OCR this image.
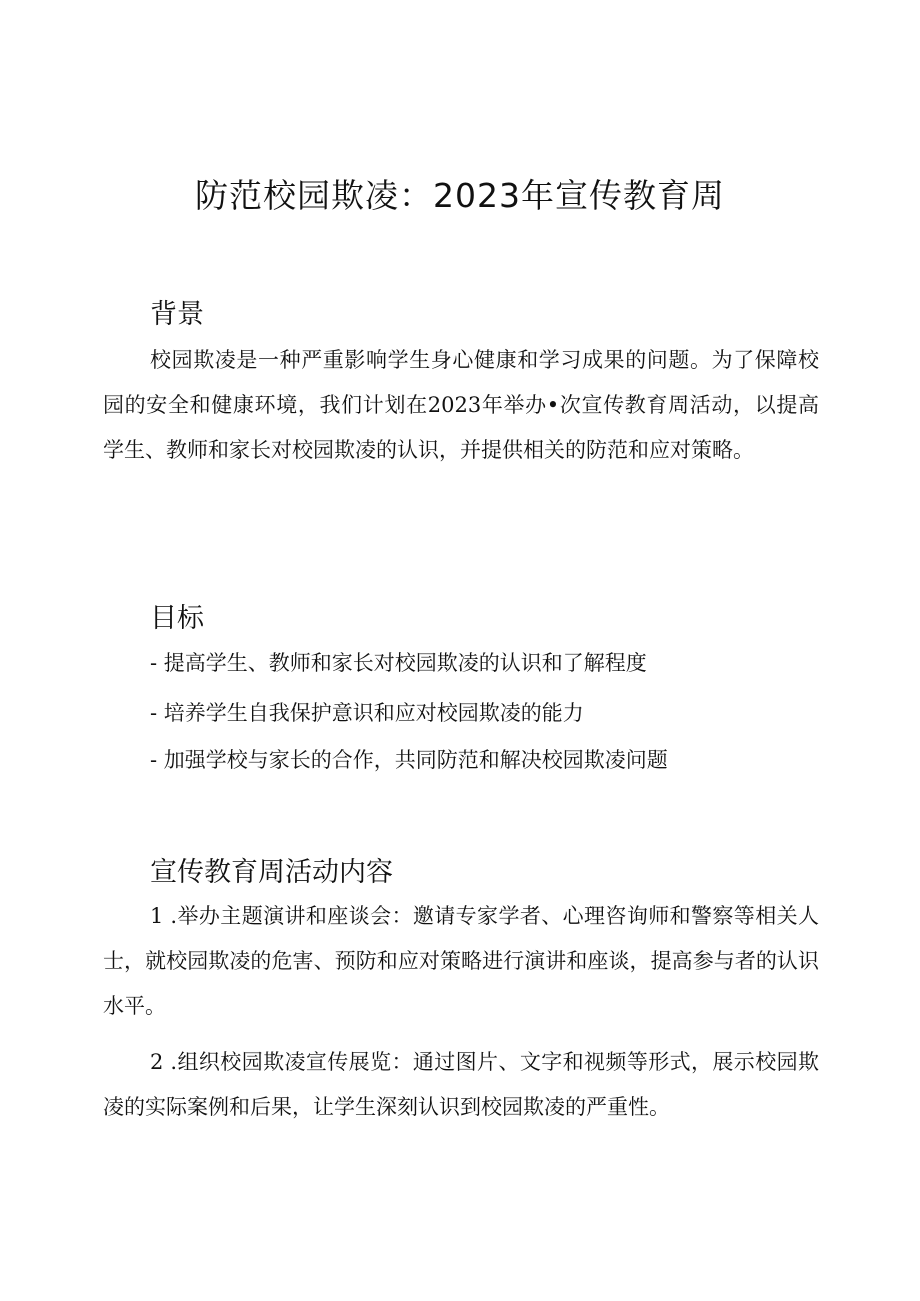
防范校园欺凌：2023年宣传教育周
背景

校园欺凌是一种严重影响学生身心健康和学习成果的问题。为了保障校园的安全和健康环境，我们计划在2023年举办•次宣传教育周活动，以提高学生、教师和家长对校园欺凌的认识，并提供相关的防范和应对策略。

目标

- 提高学生、教师和家长对校园欺凌的认识和了解程度

- 培养学生自我保护意识和应对校园欺凌的能力

- 加强学校与家长的合作，共同防范和解决校园欺凌问题

宣传教育周活动内容

1 .举办主题演讲和座谈会：邀请专家学者、心理咨询师和警察等相关人士，就校园欺凌的危害、预防和应对策略进行演讲和座谈，提高参与者的认识水平。

2 .组织校园欺凌宣传展览：通过图片、文字和视频等形式，展示校园欺凌的实际案例和后果，让学生深刻认识到校园欺凌的严重性。
